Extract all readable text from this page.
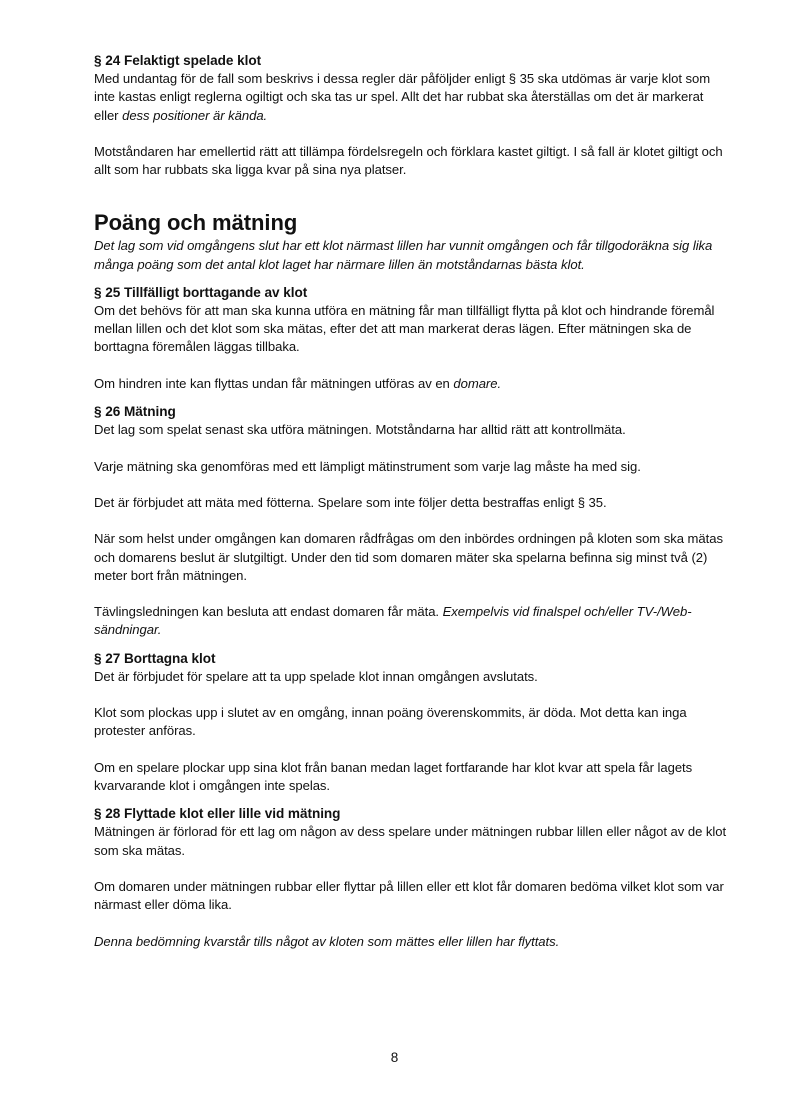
§ 24 Felaktigt spelade klot

Med undantag för de fall som beskrivs i dessa regler där påföljder enligt § 35 ska utdömas är varje klot som inte kastas enligt reglerna ogiltigt och ska tas ur spel. Allt det har rubbat ska återställas om det är markerat eller dess positioner är kända.

Motståndaren har emellertid rätt att tillämpa fördelsregeln och förklara kastet giltigt. I så fall är klotet giltigt och allt som har rubbats ska ligga kvar på sina nya platser.

Poäng och mätning

Det lag som vid omgångens slut har ett klot närmast lillen har vunnit omgången och får tillgodoräkna sig lika många poäng som det antal klot laget har närmare lillen än motståndarnas bästa klot.

§ 25 Tillfälligt borttagande av klot

Om det behövs för att man ska kunna utföra en mätning får man tillfälligt flytta på klot och hindrande föremål mellan lillen och det klot som ska mätas, efter det att man markerat deras lägen. Efter mätningen ska de borttagna föremålen läggas tillbaka.

Om hindren inte kan flyttas undan får mätningen utföras av en domare.

§ 26 Mätning

Det lag som spelat senast ska utföra mätningen. Motståndarna har alltid rätt att kontrollmäta.

Varje mätning ska genomföras med ett lämpligt mätinstrument som varje lag måste ha med sig.

Det är förbjudet att mäta med fötterna. Spelare som inte följer detta bestraffas enligt § 35.

När som helst under omgången kan domaren rådfrågas om den inbördes ordningen på kloten som ska mätas och domarens beslut är slutgiltigt. Under den tid som domaren mäter ska spelarna befinna sig minst två (2) meter bort från mätningen.

Tävlingsledningen kan besluta att endast domaren får mäta. Exempelvis vid finalspel och/eller TV-/Web-sändningar.

§ 27 Borttagna klot

Det är förbjudet för spelare att ta upp spelade klot innan omgången avslutats.

Klot som plockas upp i slutet av en omgång, innan poäng överenskommits, är döda. Mot detta kan inga protester anföras.

Om en spelare plockar upp sina klot från banan medan laget fortfarande har klot kvar att spela får lagets kvarvarande klot i omgången inte spelas.

§ 28 Flyttade klot eller lille vid mätning

Mätningen är förlorad för ett lag om någon av dess spelare under mätningen rubbar lillen eller något av de klot som ska mätas.

Om domaren under mätningen rubbar eller flyttar på lillen eller ett klot får domaren bedöma vilket klot som var närmast eller döma lika.

Denna bedömning kvarstår tills något av kloten som mättes eller lillen har flyttats.

8
